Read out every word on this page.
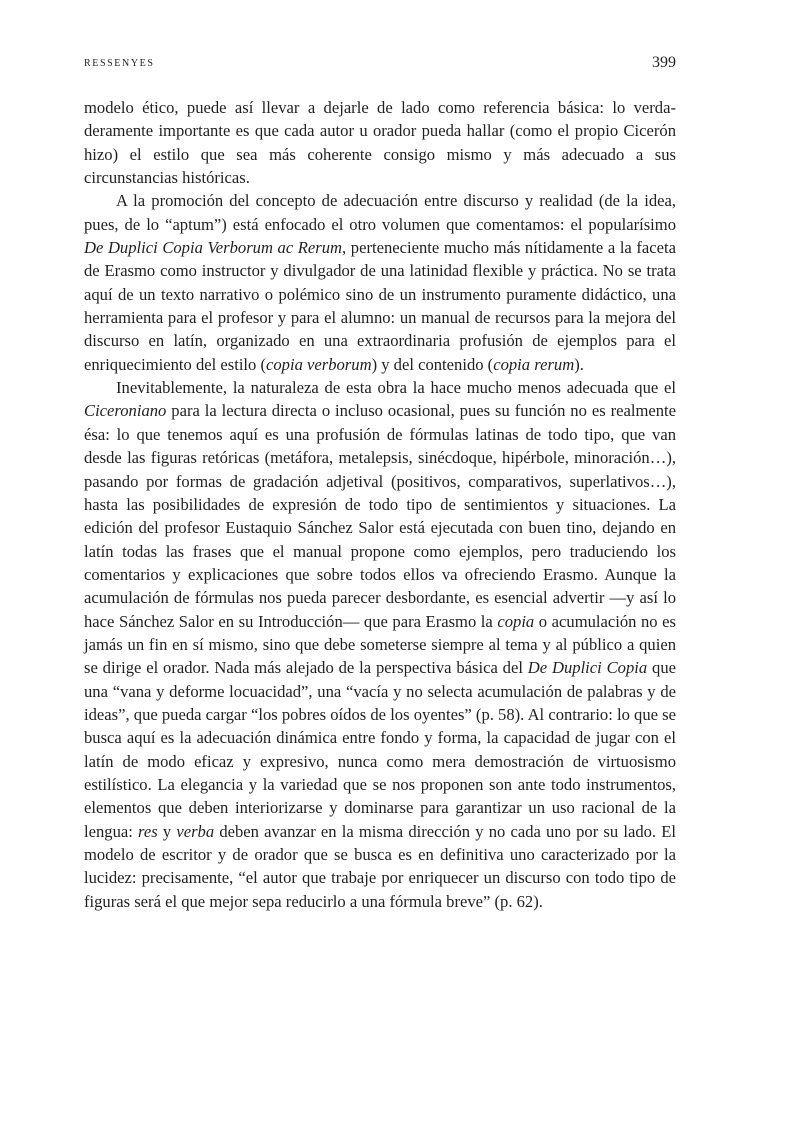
RESSENYES	399

modelo ético, puede así llevar a dejarle de lado como referencia básica: lo verdaderamente importante es que cada autor u orador pueda hallar (como el propio Cicerón hizo) el estilo que sea más coherente consigo mismo y más adecuado a sus circunstancias históricas.

A la promoción del concepto de adecuación entre discurso y realidad (de la idea, pues, de lo “aptum”) está enfocado el otro volumen que comentamos: el popularísimo De Duplici Copia Verborum ac Rerum, perteneciente mucho más nítidamente a la faceta de Erasmo como instructor y divulgador de una latinidad flexible y práctica. No se trata aquí de un texto narrativo o polémico sino de un instrumento puramente didáctico, una herramienta para el profesor y para el alumno: un manual de recursos para la mejora del discurso en latín, organizado en una extraordinaria profusión de ejemplos para el enriquecimiento del estilo (copia verborum) y del contenido (copia rerum).

Inevitablemente, la naturaleza de esta obra la hace mucho menos adecuada que el Ciceroniano para la lectura directa o incluso ocasional, pues su función no es realmente ésa: lo que tenemos aquí es una profusión de fórmulas latinas de todo tipo, que van desde las figuras retóricas (metáfora, metalepsis, sinécdoque, hipérbole, minoración…), pasando por formas de gradación adjetival (positivos, comparativos, superlativos…), hasta las posibilidades de expresión de todo tipo de sentimientos y situaciones. La edición del profesor Eustaquio Sánchez Salor está ejecutada con buen tino, dejando en latín todas las frases que el manual propone como ejemplos, pero traduciendo los comentarios y explicaciones que sobre todos ellos va ofreciendo Erasmo. Aunque la acumulación de fórmulas nos pueda parecer desbordante, es esencial advertir —y así lo hace Sánchez Salor en su Introducción— que para Erasmo la copia o acumulación no es jamás un fin en sí mismo, sino que debe someterse siempre al tema y al público a quien se dirige el orador. Nada más alejado de la perspectiva básica del De Duplici Copia que una “vana y deforme locuacidad”, una “vacía y no selecta acumulación de palabras y de ideas”, que pueda cargar “los pobres oídos de los oyentes” (p. 58). Al contrario: lo que se busca aquí es la adecuación dinámica entre fondo y forma, la capacidad de jugar con el latín de modo eficaz y expresivo, nunca como mera demostración de virtuosismo estilístico. La elegancia y la variedad que se nos proponen son ante todo instrumentos, elementos que deben interiorizarse y dominarse para garantizar un uso racional de la lengua: res y verba deben avanzar en la misma dirección y no cada uno por su lado. El modelo de escritor y de orador que se busca es en definitiva uno caracterizado por la lucidez: precisamente, “el autor que trabaje por enriquecer un discurso con todo tipo de figuras será el que mejor sepa reducirlo a una fórmula breve” (p. 62).
